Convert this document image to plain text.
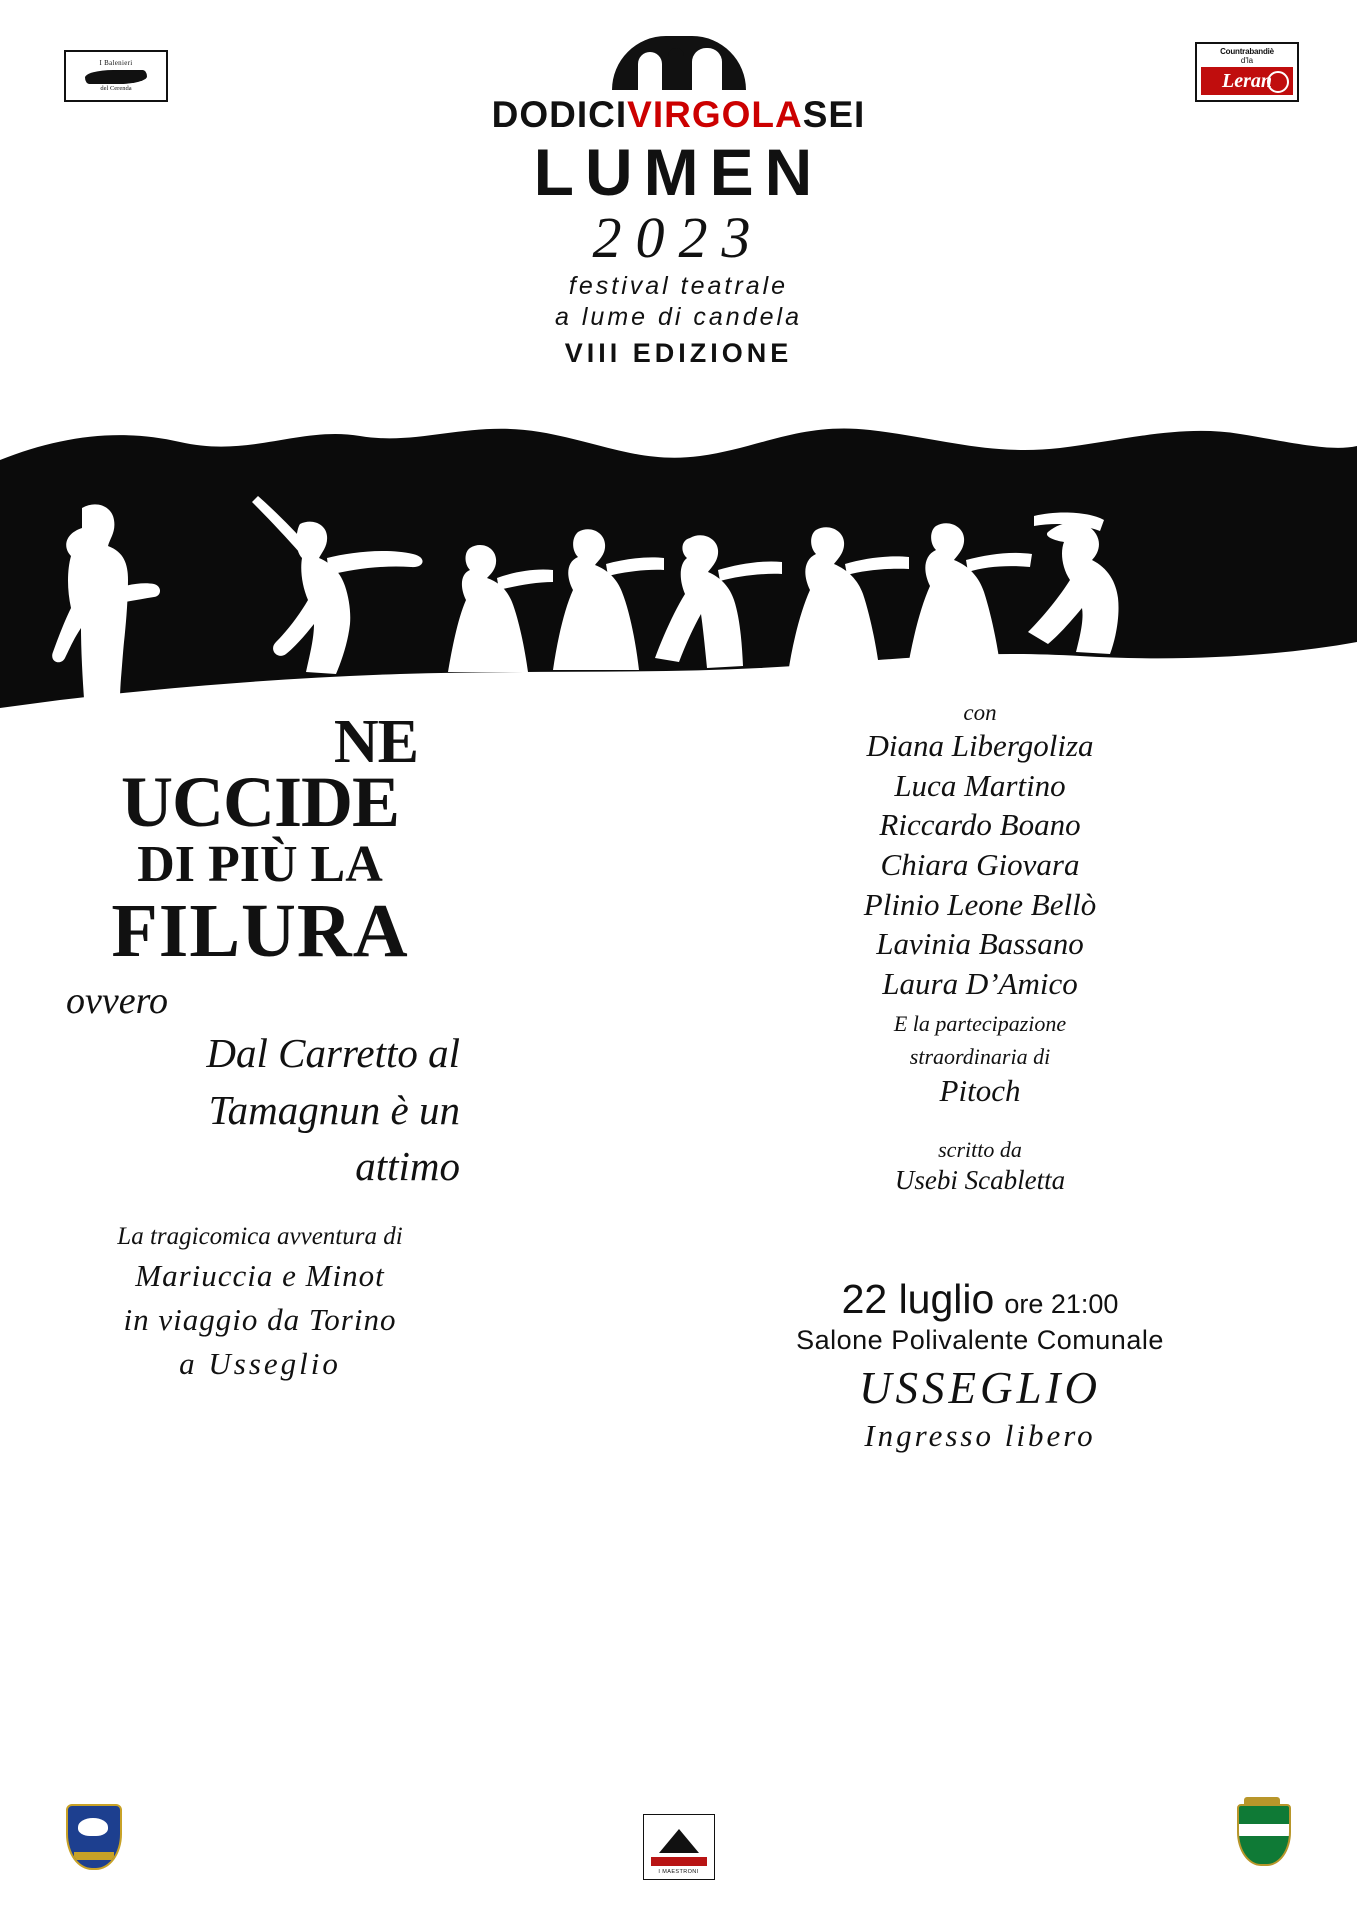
I Balenieri
del Cerenda
Countrabandiè
d'la
Leran
DODICIVIRGOLASEI
LUMEN
2023
festival teatrale
a lume di candela
VIII EDIZIONE
NE
UCCIDE
DI PIÙ LA
FILURA
ovvero
Dal Carretto al
Tamagnun è un
attimo
La tragicomica avventura di
Mariuccia e Minot
in viaggio da Torino
a Usseglio
con
Diana Libergoliza
Luca Martino
Riccardo Boano
Chiara Giovara
Plinio Leone Bellò
Lavinia Bassano
Laura D’Amico
E la partecipazione
straordinaria di
Pitoch
scritto da
Usebi Scabletta
22 luglio ore 21:00
Salone Polivalente Comunale
USSEGLIO
Ingresso libero
I MAESTRONI
